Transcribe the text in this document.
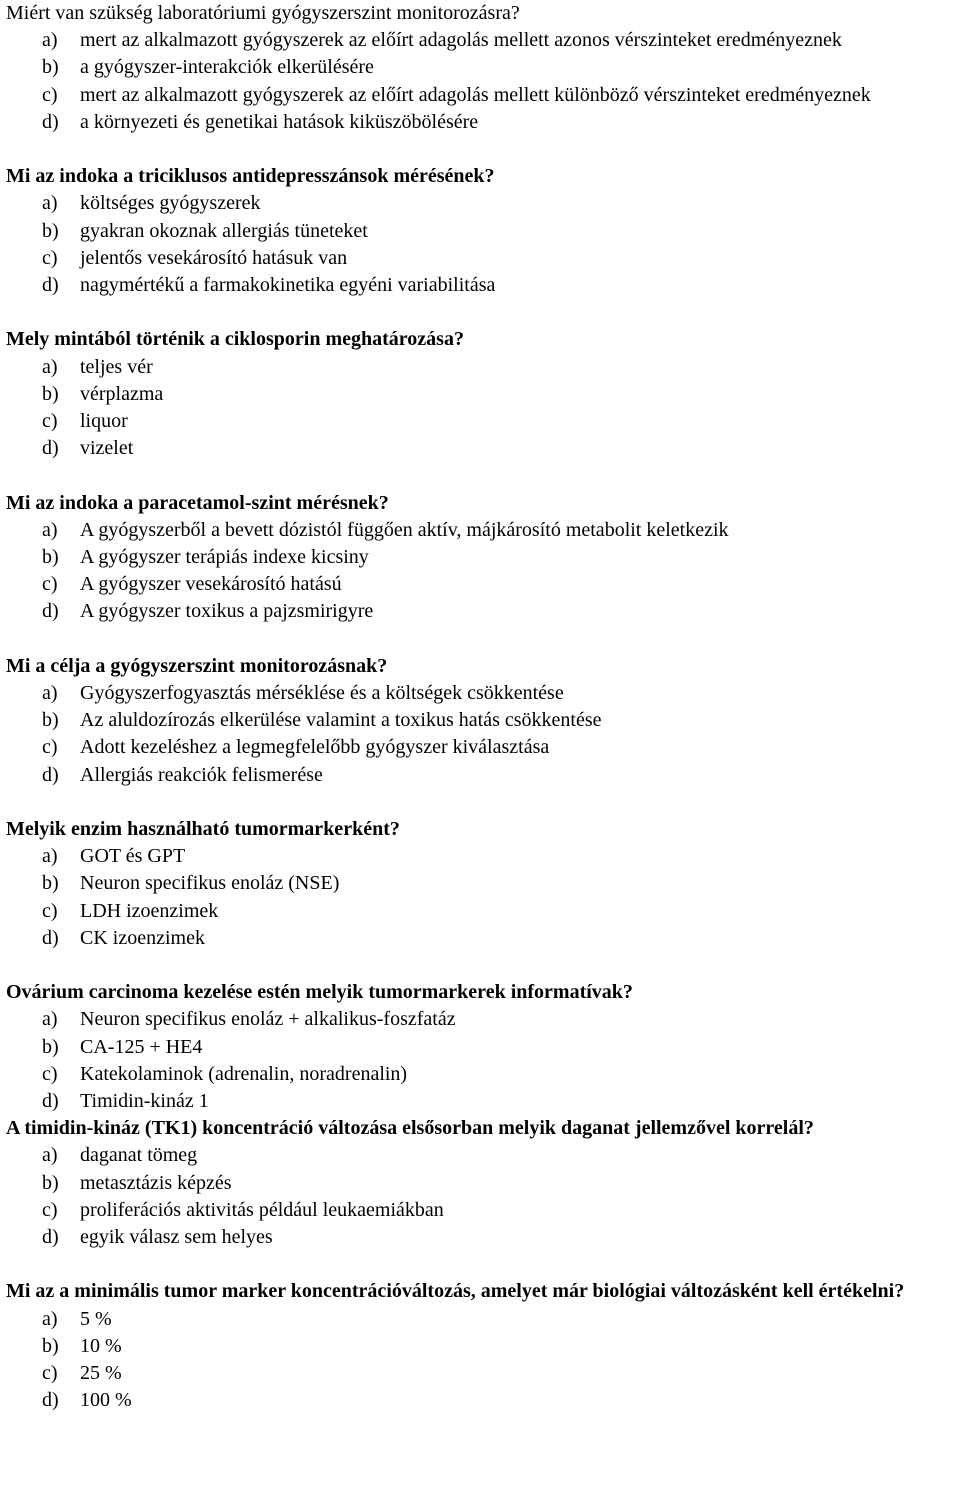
Miért van szükség laboratóriumi gyógyszerszint monitorozásra?

a) mert az alkalmazott gyógyszerek az előírt adagolás mellett azonos vérszinteket eredményeznek
b) a gyógyszer-interakciók elkerülésére
c) mert az alkalmazott gyógyszerek az előírt adagolás mellett különböző vérszinteket eredményeznek
d) a környezeti és genetikai hatások kiküszöbölésére

Mi az indoka a triciklusos antidepresszánsok mérésének?

a) költséges gyógyszerek
b) gyakran okoznak allergiás tüneteket
c) jelentős vesekárosító hatásuk van
d) nagymértékű a farmakokinetika egyéni variabilitása

Mely mintából történik a ciklosporin meghatározása?

a) teljes vér
b) vérplazma
c) liquor
d) vizelet

Mi az indoka a paracetamol-szint mérésnek?

a) A gyógyszerből a bevett dózistól függően aktív, májkárosító metabolit keletkezik
b) A gyógyszer terápiás indexe kicsiny
c) A gyógyszer vesekárosító hatású
d) A gyógyszer toxikus a pajzsmirigyre

Mi a célja a gyógyszerszint monitorozásnak?

a) Gyógyszerfogyasztás mérséklése és a költségek csökkentése
b) Az aluldozírozás elkerülése valamint a toxikus hatás csökkentése
c) Adott kezeléshez a legmegfelelőbb gyógyszer kiválasztása
d) Allergiás reakciók felismerése

Melyik enzim használható tumormarkerként?

a) GOT és GPT
b) Neuron specifikus enoláz (NSE)
c) LDH izoenzimek
d) CK izoenzimek

Ovárium carcinoma kezelése estén melyik tumormarkerek informatívak?

a) Neuron specifikus enoláz + alkalikus-foszfatáz
b) CA-125 + HE4
c) Katekolaminok (adrenalin, noradrenalin)
d) Timidin-kináz 1

A timidin-kináz (TK1) koncentráció változása elsősorban melyik daganat jellemzővel korrelál?

a) daganat tömeg
b) metasztázis képzés
c) proliferációs aktivitás például leukaemiákban
d) egyik válasz sem helyes

Mi az a minimális tumor marker koncentrációváltozás, amelyet már biológiai változásként kell értékelni?

a) 5 %
b) 10 %
c) 25 %
d) 100 %
